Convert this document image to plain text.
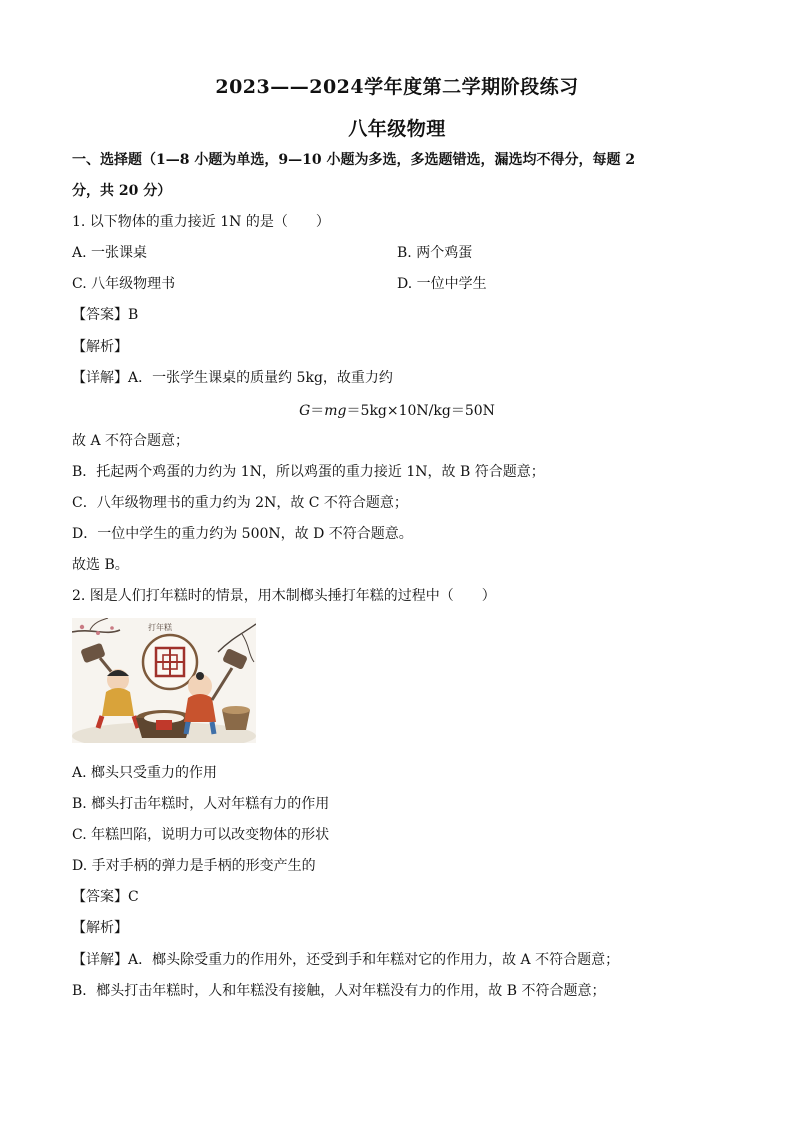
2023——2024学年度第二学期阶段练习
八年级物理
一、选择题（1—8 小题为单选，9—10 小题为多选，多选题错选，漏选均不得分，每题 2
分，共 20 分）
1. 以下物体的重力接近 1N 的是（　　）
A. 一张课桌	B. 两个鸡蛋
C. 八年级物理书	D. 一位中学生
【答案】B
【解析】
【详解】A．一张学生课桌的质量约 5kg，故重力约
G＝mg＝5kg×10N/kg＝50N
故 A 不符合题意；
B．托起两个鸡蛋的力约为 1N，所以鸡蛋的重力接近 1N，故 B 符合题意；
C．八年级物理书的重力约为 2N，故 C 不符合题意；
D．一位中学生的重力约为 500N，故 D 不符合题意。
故选 B。
2. 图是人们打年糕时的情景，用木制榔头捶打年糕的过程中（　　）
打年糕
A. 榔头只受重力的作用
B. 榔头打击年糕时，人对年糕有力的作用
C. 年糕凹陷，说明力可以改变物体的形状
D. 手对手柄的弹力是手柄的形变产生的
【答案】C
【解析】
【详解】A．榔头除受重力的作用外，还受到手和年糕对它的作用力，故 A 不符合题意；
B．榔头打击年糕时，人和年糕没有接触，人对年糕没有力的作用，故 B 不符合题意；
